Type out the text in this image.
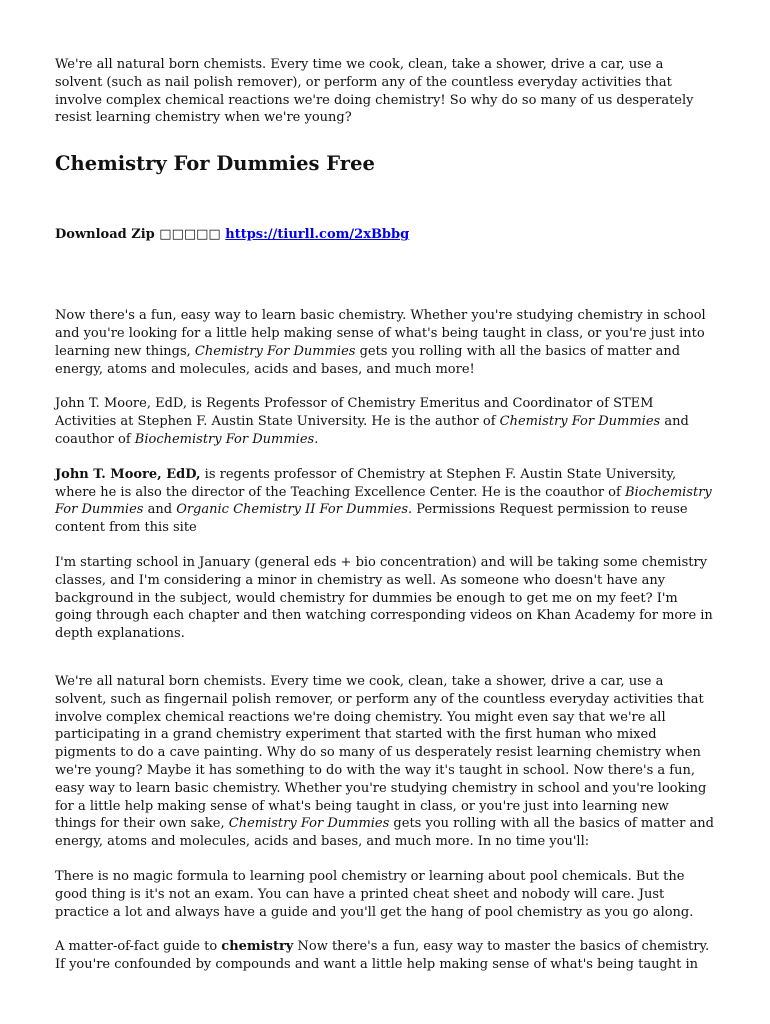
We're all natural born chemists. Every time we cook, clean, take a shower, drive a car, use a solvent (such as nail polish remover), or perform any of the countless everyday activities that involve complex chemical reactions we're doing chemistry! So why do so many of us desperately resist learning chemistry when we're young?

Chemistry For Dummies Free
Download Zip □□□□□ https://tiurll.com/2xBbbg

Now there's a fun, easy way to learn basic chemistry. Whether you're studying chemistry in school and you're looking for a little help making sense of what's being taught in class, or you're just into learning new things, Chemistry For Dummies gets you rolling with all the basics of matter and energy, atoms and molecules, acids and bases, and much more!

John T. Moore, EdD, is Regents Professor of Chemistry Emeritus and Coordinator of STEM Activities at Stephen F. Austin State University. He is the author of Chemistry For Dummies and coauthor of Biochemistry For Dummies.

John T. Moore, EdD, is regents professor of Chemistry at Stephen F. Austin State University, where he is also the director of the Teaching Excellence Center. He is the coauthor of Biochemistry For Dummies and Organic Chemistry II For Dummies. Permissions Request permission to reuse content from this site

I'm starting school in January (general eds + bio concentration) and will be taking some chemistry classes, and I'm considering a minor in chemistry as well. As someone who doesn't have any background in the subject, would chemistry for dummies be enough to get me on my feet? I'm going through each chapter and then watching corresponding videos on Khan Academy for more in depth explanations.

We're all natural born chemists. Every time we cook, clean, take a shower, drive a car, use a solvent, such as fingernail polish remover, or perform any of the countless everyday activities that involve complex chemical reactions we're doing chemistry. You might even say that we're all participating in a grand chemistry experiment that started with the first human who mixed pigments to do a cave painting. Why do so many of us desperately resist learning chemistry when we're young? Maybe it has something to do with the way it's taught in school. Now there's a fun, easy way to learn basic chemistry. Whether you're studying chemistry in school and you're looking for a little help making sense of what's being taught in class, or you're just into learning new things for their own sake, Chemistry For Dummies gets you rolling with all the basics of matter and energy, atoms and molecules, acids and bases, and much more. In no time you'll:

There is no magic formula to learning pool chemistry or learning about pool chemicals. But the good thing is it's not an exam. You can have a printed cheat sheet and nobody will care. Just practice a lot and always have a guide and you'll get the hang of pool chemistry as you go along.

A matter-of-fact guide to chemistry Now there's a fun, easy way to master the basics of chemistry. If you're confounded by compounds and want a little help making sense of what's being taught in
